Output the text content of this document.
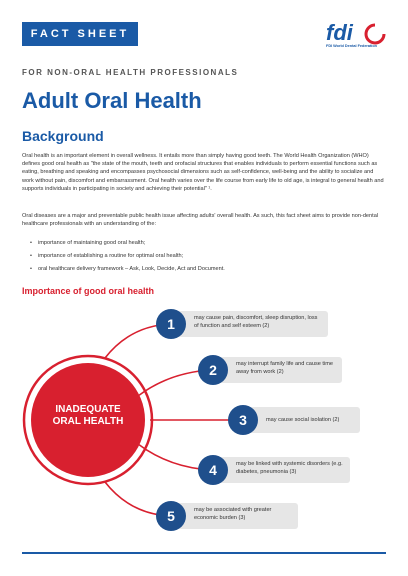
FACT SHEET	fdi
FDI World Dental Federation
FOR NON-ORAL HEALTH PROFESSIONALS
Adult Oral Health
Background

Oral health is an important element in overall wellness. It entails more than simply having good teeth. The World Health Organization (WHO) defines good oral health as "the state of the mouth, teeth and orofacial structures that enables individuals to perform essential functions such as eating, breathing and speaking and encompasses psychosocial dimensions such as self-confidence, well-being and the ability to socialize and work without pain, discomfort and embarrassment. Oral health varies over the life course from early life to old age, is integral to general health and supports individuals in participating in society and achieving their potential" ¹.

Oral diseases are a major and preventable public health issue affecting adults' overall health. As such, this fact sheet aims to provide non-dental healthcare professionals with an understanding of the:

• importance of maintaining good oral health;
• importance of establishing a routine for optimal oral health;
• oral healthcare delivery framework – Ask, Look, Decide, Act and Document.
Importance of good oral health
INADEQUATE
ORAL HEALTH
may cause pain, discomfort, sleep disruption, loss of function and self esteem (2)
1
may interrupt family life and cause time away from work (2)
2
may cause social isolation (2)
3
may be linked with systemic disorders (e.g. diabetes, pneumonia (3)
4
may be associated with greater economic burden (3)
5
